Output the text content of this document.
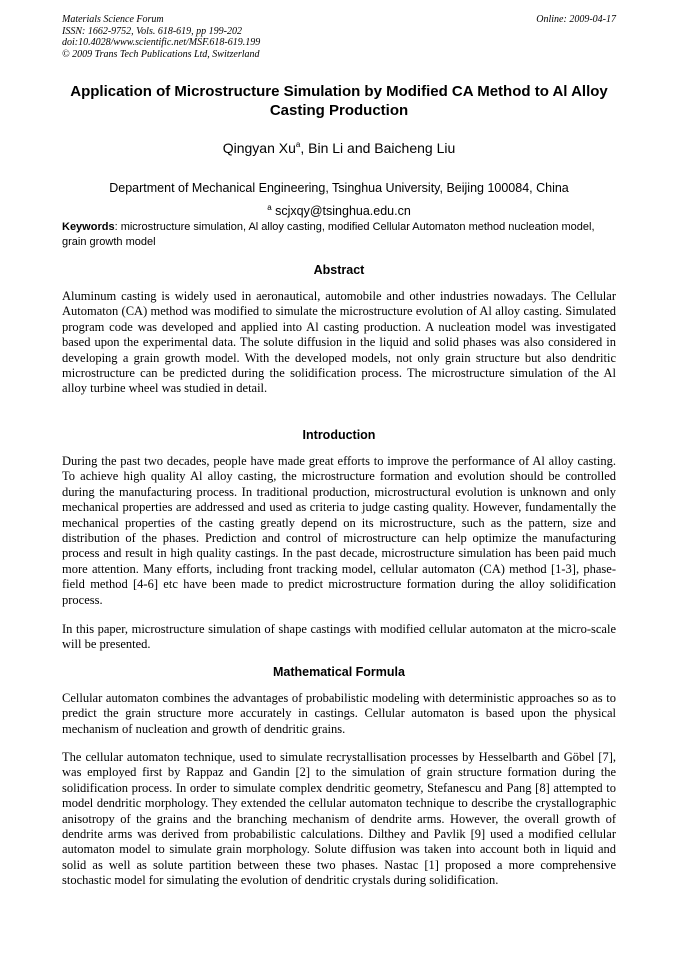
Materials Science Forum
ISSN: 1662-9752, Vols. 618-619, pp 199-202
doi:10.4028/www.scientific.net/MSF.618-619.199
© 2009 Trans Tech Publications Ltd, Switzerland
Online: 2009-04-17
Application of Microstructure Simulation by Modified CA Method to Al Alloy Casting Production
Qingyan Xu$^a$, Bin Li and Baicheng Liu
Department of Mechanical Engineering, Tsinghua University, Beijing 100084, China
$^a$ scjxqy@tsinghua.edu.cn
Keywords: microstructure simulation, Al alloy casting, modified Cellular Automaton method nucleation model, grain growth model
Abstract

Aluminum casting is widely used in aeronautical, automobile and other industries nowadays. The Cellular Automaton (CA) method was modified to simulate the microstructure evolution of Al alloy casting. Simulated program code was developed and applied into Al casting production. A nucleation model was investigated based upon the experimental data. The solute diffusion in the liquid and solid phases was also considered in developing a grain growth model. With the developed models, not only grain structure but also dendritic microstructure can be predicted during the solidification process. The microstructure simulation of the Al alloy turbine wheel was studied in detail.

Introduction

During the past two decades, people have made great efforts to improve the performance of Al alloy casting. To achieve high quality Al alloy casting, the microstructure formation and evolution should be controlled during the manufacturing process. In traditional production, microstructural evolution is unknown and only mechanical properties are addressed and used as criteria to judge casting quality. However, fundamentally the mechanical properties of the casting greatly depend on its microstructure, such as the pattern, size and distribution of the phases. Prediction and control of microstructure can help optimize the manufacturing process and result in high quality castings. In the past decade, microstructure simulation has been paid much more attention. Many efforts, including front tracking model, cellular automaton (CA) method [1-3], phase-field method [4-6] etc have been made to predict microstructure formation during the alloy solidification process.

In this paper, microstructure simulation of shape castings with modified cellular automaton at the micro-scale will be presented.

Mathematical Formula

Cellular automaton combines the advantages of probabilistic modeling with deterministic approaches so as to predict the grain structure more accurately in castings. Cellular automaton is based upon the physical mechanism of nucleation and growth of dendritic grains.

The cellular automaton technique, used to simulate recrystallisation processes by Hesselbarth and Göbel [7], was employed first by Rappaz and Gandin [2] to the simulation of grain structure formation during the solidification process. In order to simulate complex dendritic geometry, Stefanescu and Pang [8] attempted to model dendritic morphology. They extended the cellular automaton technique to describe the crystallographic anisotropy of the grains and the branching mechanism of dendrite arms. However, the overall growth of dendrite arms was derived from probabilistic calculations. Dilthey and Pavlik [9] used a modified cellular automaton model to simulate grain morphology. Solute diffusion was taken into account both in liquid and solid as well as solute partition between these two phases. Nastac [1] proposed a more comprehensive stochastic model for simulating the evolution of dendritic crystals during solidification.
